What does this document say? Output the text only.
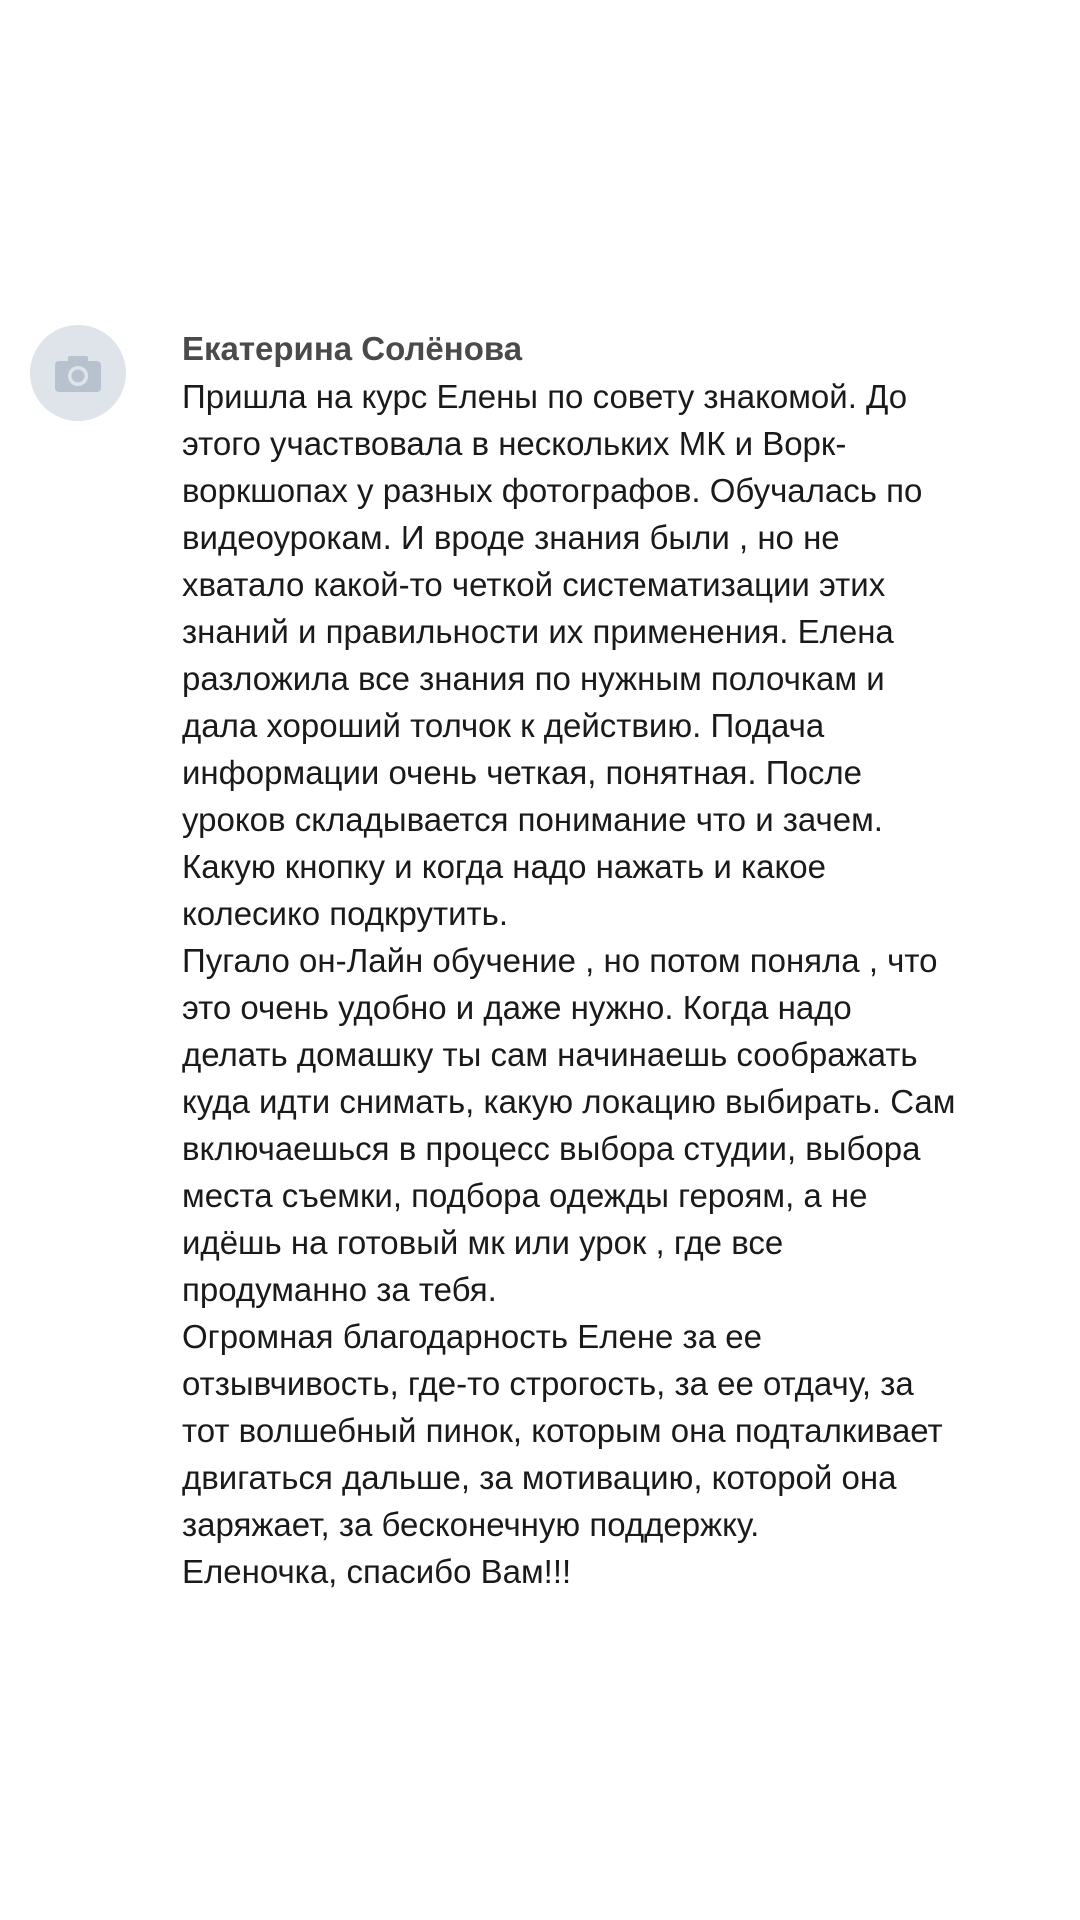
Екатерина Солёнова
Пришла на курс Елены по совету знакомой. До
этого участвовала в нескольких МК и Ворк-
воркшопах у разных фотографов. Обучалась по
видеоурокам. И вроде знания были , но не
хватало какой-то четкой систематизации этих
знаний и правильности их применения. Елена
разложила все знания по нужным полочкам и
дала хороший толчок к действию. Подача
информации очень четкая, понятная. После
уроков складывается понимание что и зачем.
Какую кнопку и когда надо нажать и какое
колесико подкрутить.
Пугало он-Лайн обучение , но потом поняла , что
это очень удобно и даже нужно. Когда надо
делать домашку ты сам начинаешь соображать
куда идти снимать, какую локацию выбирать. Сам
включаешься в процесс выбора студии, выбора
места съемки, подбора одежды героям, а не
идёшь на готовый мк или урок , где все
продуманно за тебя.
Огромная благодарность Елене за ее
отзывчивость, где-то строгость, за ее отдачу, за
тот волшебный пинок, которым она подталкивает
двигаться дальше, за мотивацию, которой она
заряжает, за бесконечную поддержку.
Еленочка, спасибо Вам!!!
